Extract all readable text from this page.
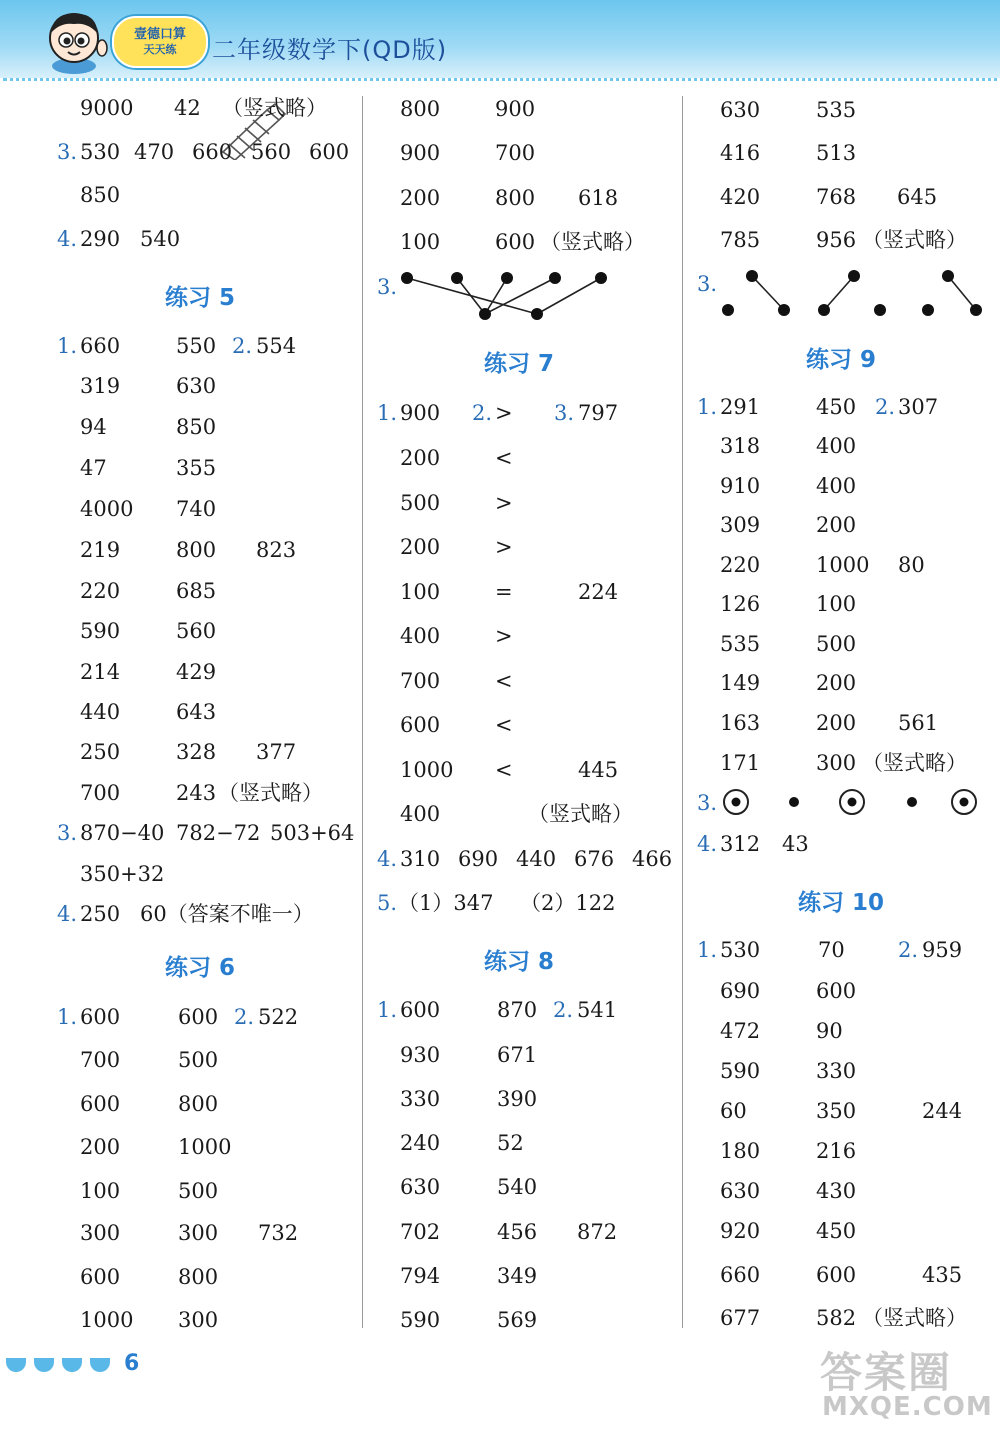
壹德口算
天天练 二年级数学下(QD版)
9000 42 （竖式略）
3. 530 470 660 560 600
850
4. 290 540
练习 5
1. 660	550 2. 554
319	630
94	850
47	355
4000 740
219	800 823
220	685
590	560
214	429
440	643
250	328 377
700	243 （竖式略）
3. 870−40 782−72 503+64
350+32
4. 250 60（答案不唯一）
练习 6
1. 600	600 2. 522
700	500
600	800
200	1000
100	500
300	300 732
600	800
1000 300
800	900
900	700
200	800 618
100	600 （竖式略）
3.
练习 7
1. 900 2. > 3. 797
200	<
500	>
200	>
100	=	224
400	>
700	<
600	<
1000 <	445
400	（竖式略）
4. 310 690 440 676 466
5. （1）347 （2）122
练习 8
1. 600	870 2. 541
930	671
330	390
240	52
630	540
702	456 872
794	349
590	569
630	535
416	513
420	768 645
785	956 （竖式略）
3.
练习 9
1. 291	450 2. 307
318	400
910	400
309	200
220	1000 80
126	100
535	500
149	200
163	200 561
171	300 （竖式略）
3.
4. 312 43
练习 10
1. 530	70	2. 959
690	600
472	90
590	330
60	350	244
180	216
630	430
920	450
660	600	435
677	582 （竖式略）
6	答案圈
MXQE.COM
